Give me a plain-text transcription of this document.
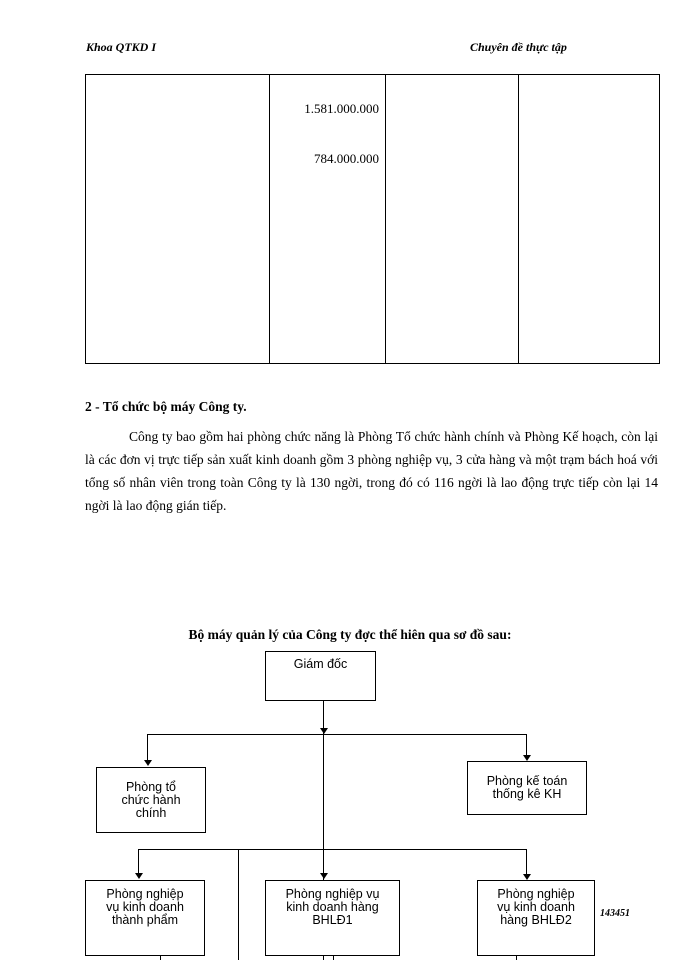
Khoa QTKD I	Chuyên đề thực tập
1.581.000.000
784.000.000
2 - Tổ chức bộ máy Công ty.

Công ty bao gồm hai phòng chức năng là Phòng Tổ chức hành chính và Phòng Kế hoạch, còn lại là các đơn vị trực tiếp sản xuất kinh doanh gồm 3 phòng nghiệp vụ, 3 cửa hàng và một trạm bách hoá với tổng số nhân viên trong toàn Công ty là 130 ngời, trong đó có 116 ngời là lao động trực tiếp còn lại 14 ngời là lao động gián tiếp.

Bộ máy quản lý của Công ty đợc thể hiên qua sơ đồ sau:
Giám đốc
Phòng tổ
chức hành
chính
Phòng kế toán
thống kê KH
Phòng nghiệp
vụ kinh doanh
thành phẩm
Phòng nghiệp vụ
kinh doanh hàng
BHLĐ1
Phòng nghiệp
vụ kinh doanh
hàng BHLĐ2	143451
